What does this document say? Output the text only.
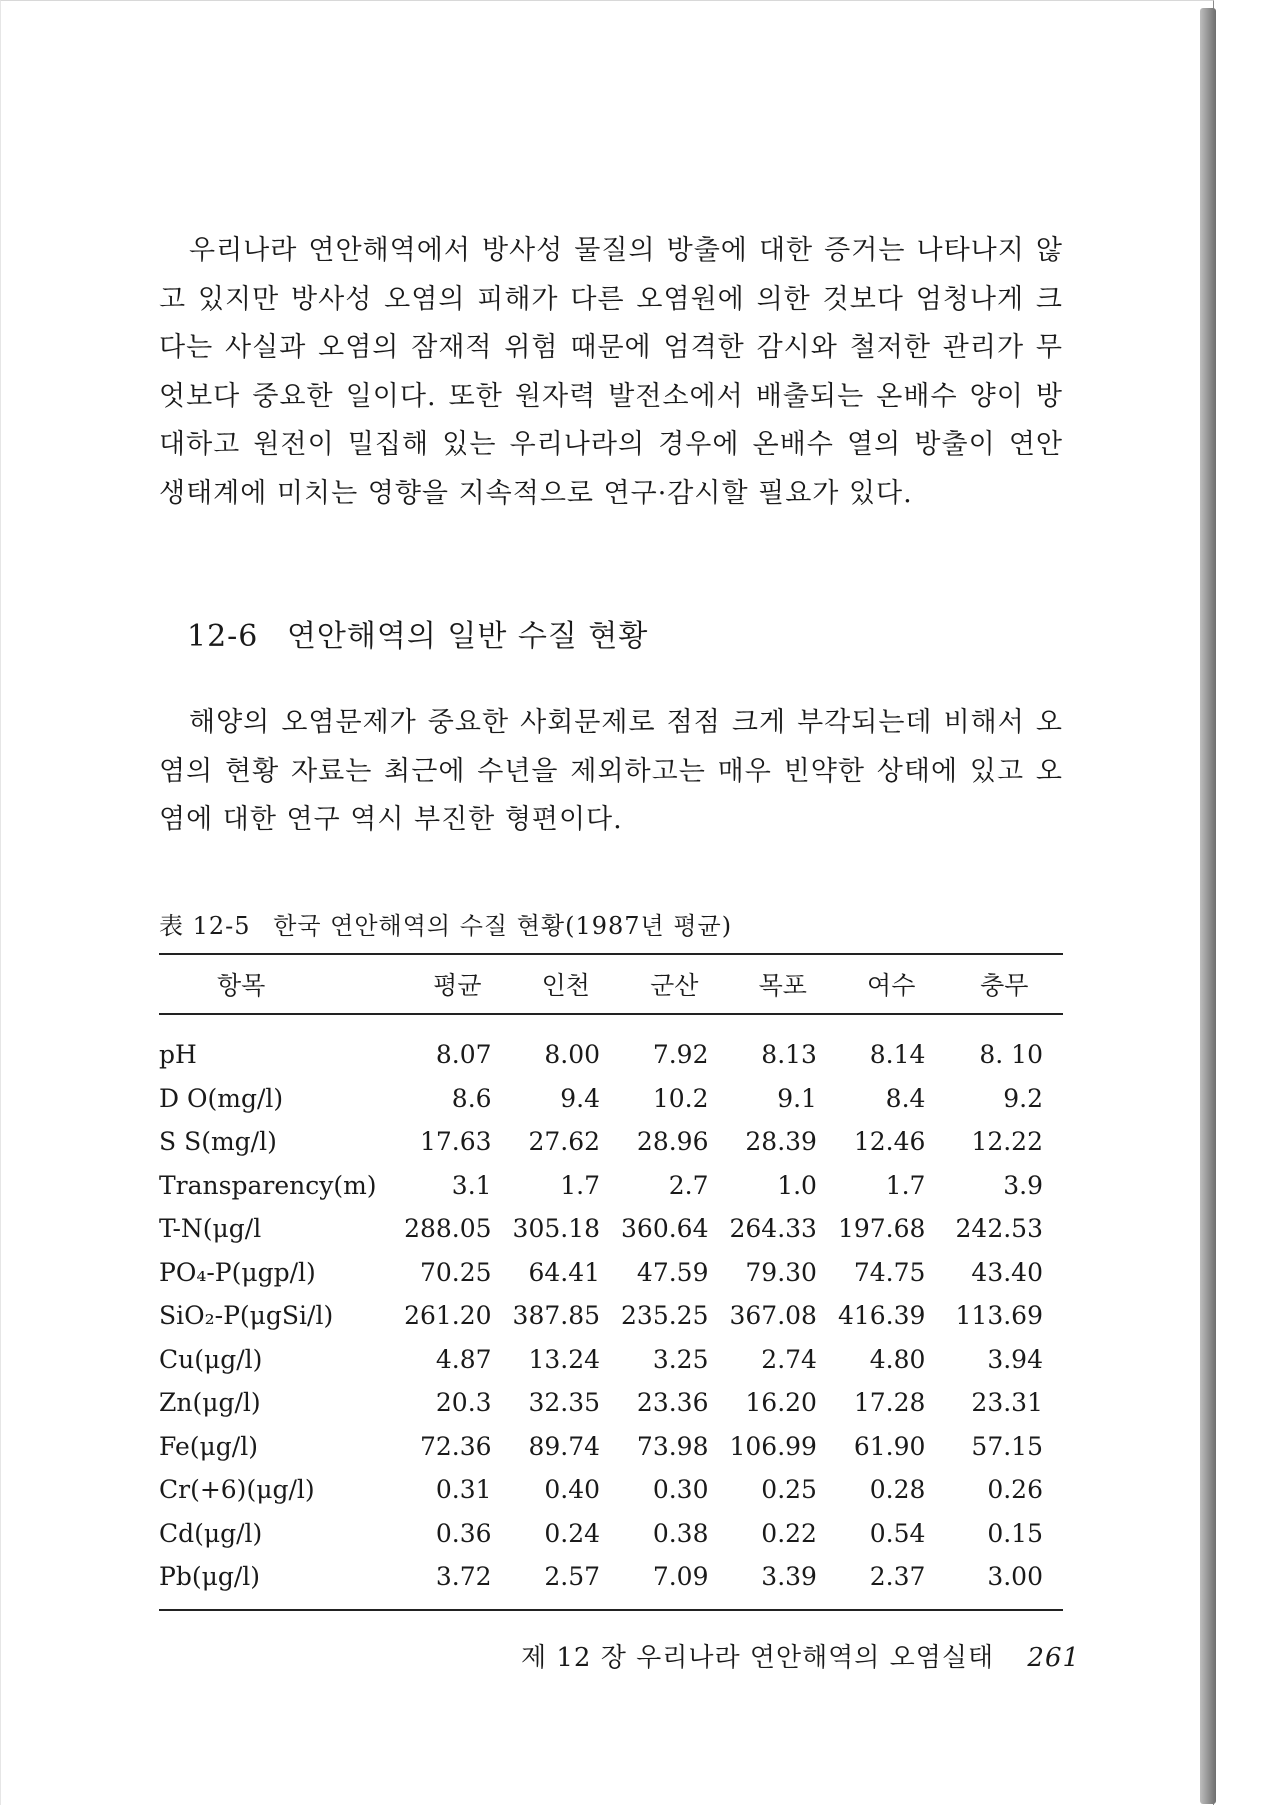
우리나라 연안해역에서 방사성 물질의 방출에 대한 증거는 나타나지 않고 있지만 방사성 오염의 피해가 다른 오염원에 의한 것보다 엄청나게 크다는 사실과 오염의 잠재적 위험 때문에 엄격한 감시와 철저한 관리가 무엇보다 중요한 일이다. 또한 원자력 발전소에서 배출되는 온배수 양이 방대하고 원전이 밀집해 있는 우리나라의 경우에 온배수 열의 방출이 연안 생태계에 미치는 영향을 지속적으로 연구·감시할 필요가 있다.
12-6 연안해역의 일반 수질 현황
해양의 오염문제가 중요한 사회문제로 점점 크게 부각되는데 비해서 오염의 현황 자료는 최근에 수년을 제외하고는 매우 빈약한 상태에 있고 오염에 대한 연구 역시 부진한 형편이다.
表 12-5 한국 연안해역의 수질 현황(1987년 평균)
항목	평균	인천	군산	목포	여수	충무
pH	8.07	8.00	7.92	8.13	8.14	8. 10
D O(mg/l)	8.6	9.4	10.2	9.1	8.4	9.2
S S(mg/l)	17.63	27.62	28.96	28.39	12.46	12.22
Transparency(m)	3.1	1.7	2.7	1.0	1.7	3.9
T-N(μg/l	288.05	305.18	360.64	264.33	197.68	242.53
PO₄-P(μgp/l)	70.25	64.41	47.59	79.30	74.75	43.40
SiO₂-P(μgSi/l)	261.20	387.85	235.25	367.08	416.39	113.69
Cu(μg/l)	4.87	13.24	3.25	2.74	4.80	3.94
Zn(μg/l)	20.3	32.35	23.36	16.20	17.28	23.31
Fe(μg/l)	72.36	89.74	73.98	106.99	61.90	57.15
Cr(+6)(μg/l)	0.31	0.40	0.30	0.25	0.28	0.26
Cd(μg/l)	0.36	0.24	0.38	0.22	0.54	0.15
Pb(μg/l)	3.72	2.57	7.09	3.39	2.37	3.00
제 12 장 우리나라 연안해역의 오염실태 261
